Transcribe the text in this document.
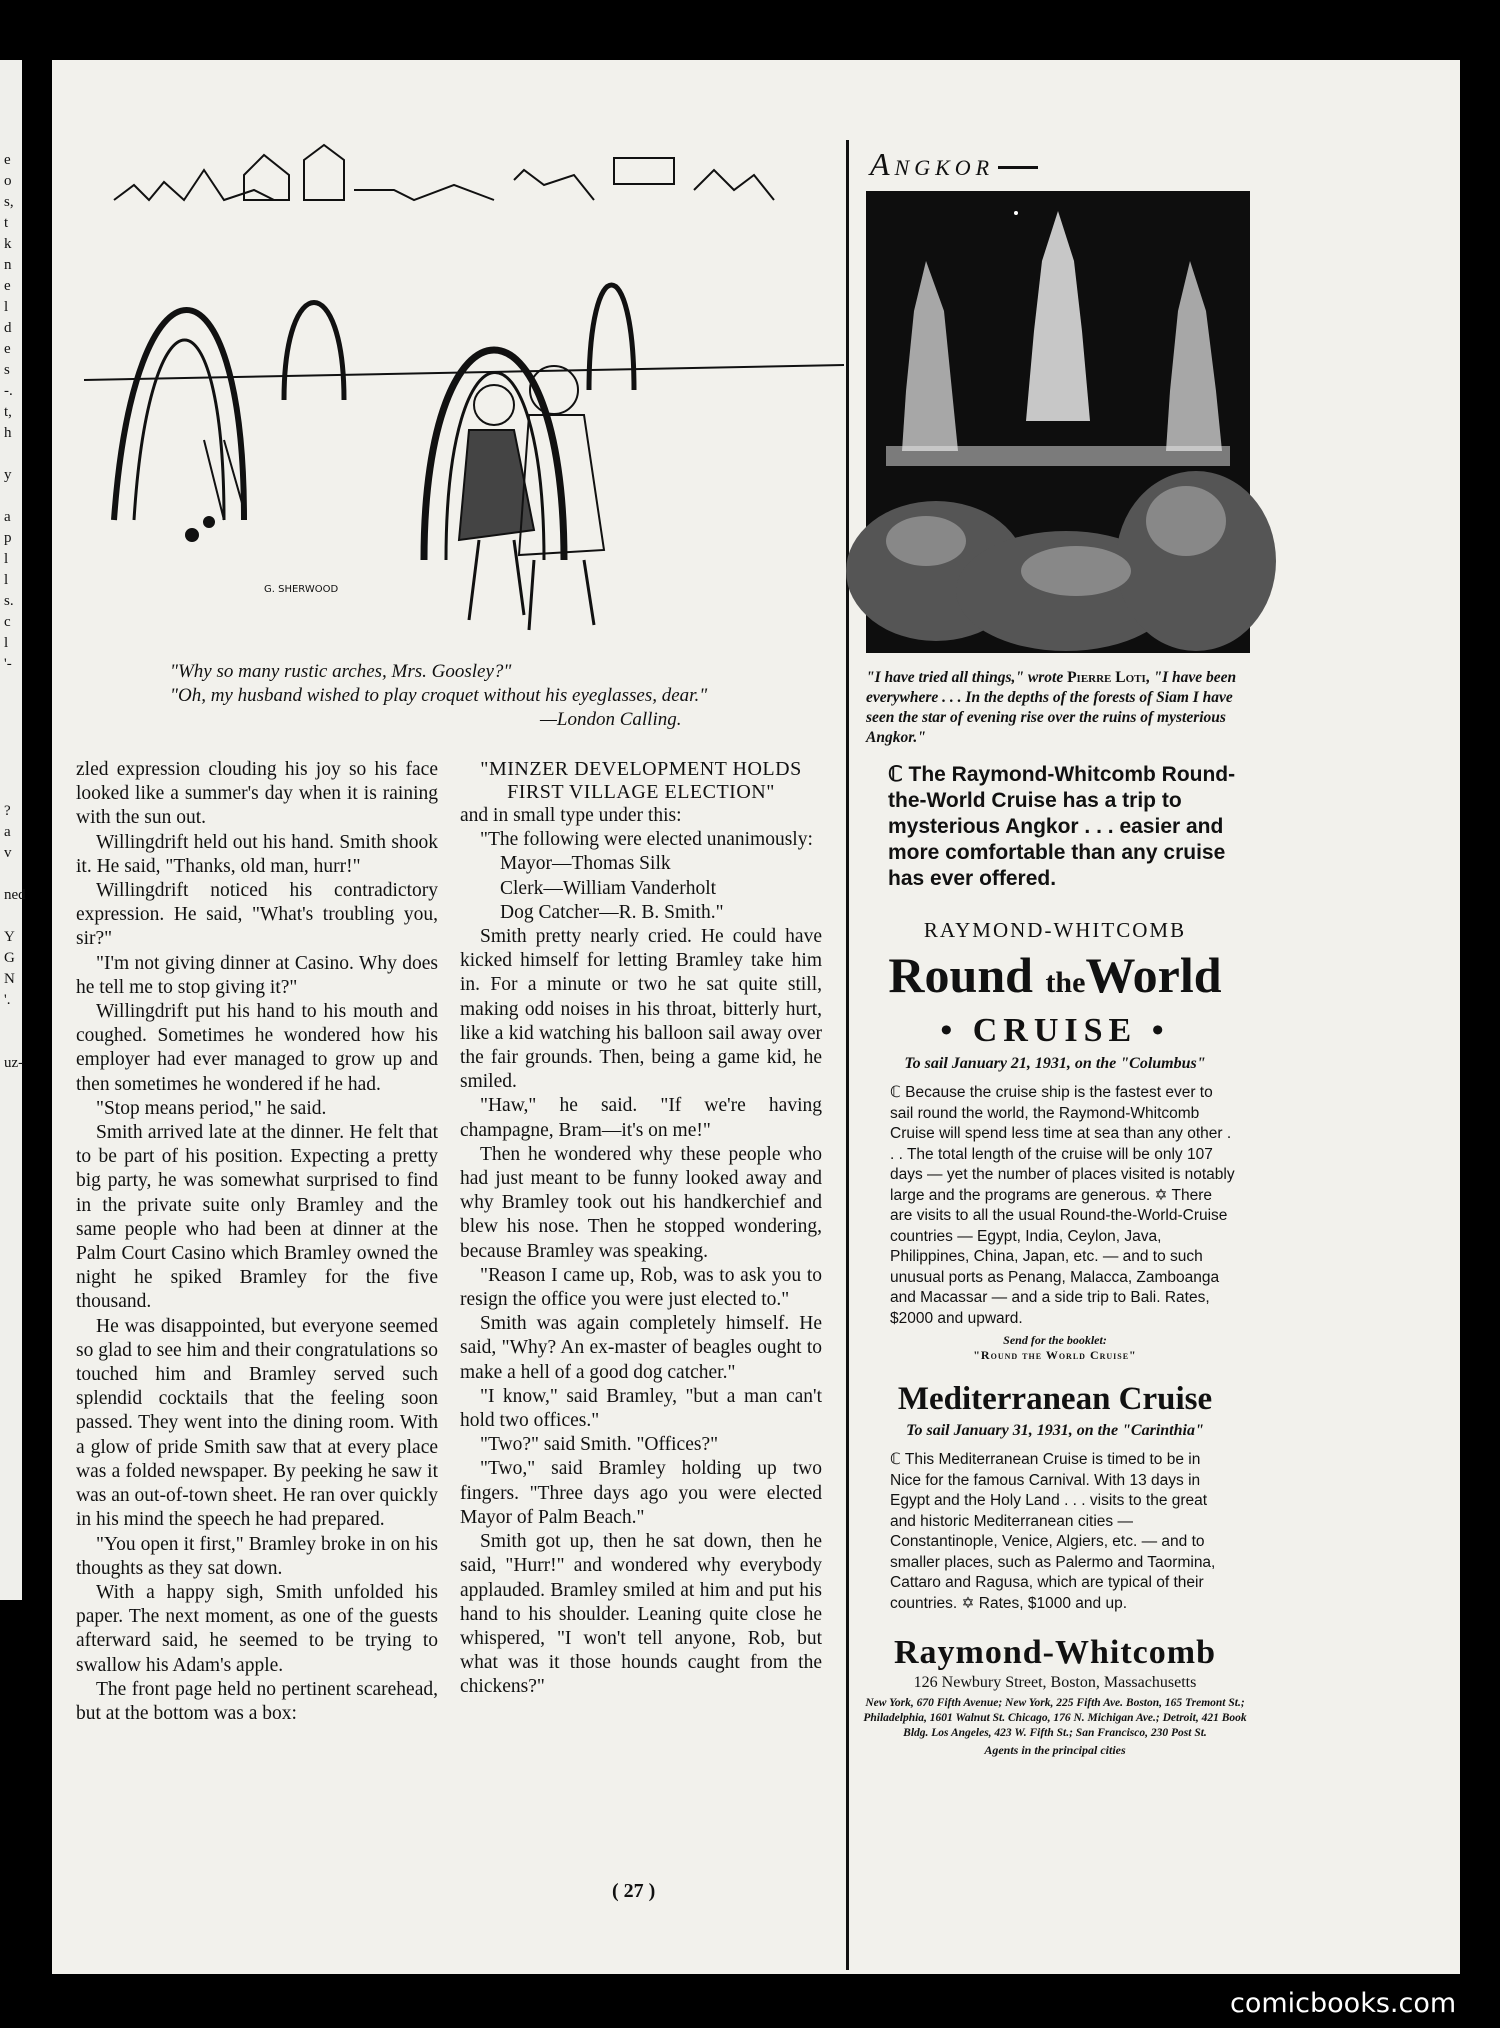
e
o
s,
t
k
n
e
l
d
e
s
-.
t,
h

y

a
p
l
l
s.
c
l
'-

?
a
v

ned

Y
G
N
'.

uz-
G. SHERWOOD
"Why so many rustic arches, Mrs. Goosley?"
"Oh, my husband wished to play croquet without his eyeglasses, dear."
—London Calling.

zled expression clouding his joy so his face looked like a summer's day when it is raining with the sun out.

Willingdrift held out his hand. Smith shook it. He said, "Thanks, old man, hurr!"

Willingdrift noticed his contradictory expression. He said, "What's troubling you, sir?"

"I'm not giving dinner at Casino. Why does he tell me to stop giving it?"

Willingdrift put his hand to his mouth and coughed. Sometimes he wondered how his employer had ever managed to grow up and then sometimes he wondered if he had.

"Stop means period," he said.

Smith arrived late at the dinner. He felt that to be part of his position. Expecting a pretty big party, he was somewhat surprised to find in the private suite only Bramley and the same people who had been at dinner at the Palm Court Casino which Bramley owned the night he spiked Bramley for the five thousand.

He was disappointed, but everyone seemed so glad to see him and their congratulations so touched him and Bramley served such splendid cocktails that the feeling soon passed. They went into the dining room. With a glow of pride Smith saw that at every place was a folded newspaper. By peeking he saw it was an out-of-town sheet. He ran over quickly in his mind the speech he had prepared.

"You open it first," Bramley broke in on his thoughts as they sat down.

With a happy sigh, Smith unfolded his paper. The next moment, as one of the guests afterward said, he seemed to be trying to swallow his Adam's apple.

The front page held no pertinent scarehead, but at the bottom was a box:

"MINZER DEVELOPMENT HOLDS FIRST VILLAGE ELECTION"

and in small type under this:

"The following were elected unanimously:

Mayor—Thomas Silk

Clerk—William Vanderholt

Dog Catcher—R. B. Smith."

Smith pretty nearly cried. He could have kicked himself for letting Bramley take him in. For a minute or two he sat quite still, making odd noises in his throat, bitterly hurt, like a kid watching his balloon sail away over the fair grounds. Then, being a game kid, he smiled.

"Haw," he said. "If we're having champagne, Bram—it's on me!"

Then he wondered why these people who had just meant to be funny looked away and why Bramley took out his handkerchief and blew his nose. Then he stopped wondering, because Bramley was speaking.

"Reason I came up, Rob, was to ask you to resign the office you were just elected to."

Smith was again completely himself. He said, "Why? An ex-master of beagles ought to make a hell of a good dog catcher."

"I know," said Bramley, "but a man can't hold two offices."

"Two?" said Smith. "Offices?"

"Two," said Bramley holding up two fingers. "Three days ago you were elected Mayor of Palm Beach."

Smith got up, then he sat down, then he said, "Hurr!" and wondered why everybody applauded. Bramley smiled at him and put his hand to his shoulder. Leaning quite close he whispered, "I won't tell anyone, Rob, but what was it those hounds caught from the chickens?"

( 27 )
Angkor
"I have tried all things," wrote Pierre Loti, "I have been everywhere . . . In the depths of the forests of Siam I have seen the star of evening rise over the ruins of mysterious Angkor."
ℂ The Raymond-Whitcomb Round-the-World Cruise has a trip to mysterious Angkor . . . easier and more comfortable than any cruise has ever offered.
RAYMOND-WHITCOMB
Round theWorld
• CRUISE •
To sail January 21, 1931, on the "Columbus"
ℂ Because the cruise ship is the fastest ever to sail round the world, the Raymond-Whitcomb Cruise will spend less time at sea than any other . . . The total length of the cruise will be only 107 days — yet the number of places visited is notably large and the programs are generous. ✡ There are visits to all the usual Round-the-World-Cruise countries — Egypt, India, Ceylon, Java, Philippines, China, Japan, etc. — and to such unusual ports as Penang, Malacca, Zamboanga and Macassar — and a side trip to Bali. Rates, $2000 and upward.
Send for the booklet:
"Round the World Cruise"
Mediterranean Cruise
To sail January 31, 1931, on the "Carinthia"
ℂ This Mediterranean Cruise is timed to be in Nice for the famous Carnival. With 13 days in Egypt and the Holy Land . . . visits to the great and historic Mediterranean cities — Constantinople, Venice, Algiers, etc. — and to smaller places, such as Palermo and Taormina, Cattaro and Ragusa, which are typical of their countries. ✡ Rates, $1000 and up.
Raymond-Whitcomb
126 Newbury Street, Boston, Massachusetts
New York, 670 Fifth Avenue; New York, 225 Fifth Ave. Boston, 165 Tremont St.; Philadelphia, 1601 Walnut St. Chicago, 176 N. Michigan Ave.; Detroit, 421 Book Bldg. Los Angeles, 423 W. Fifth St.; San Francisco, 230 Post St.
Agents in the principal cities
comicbooks.com
